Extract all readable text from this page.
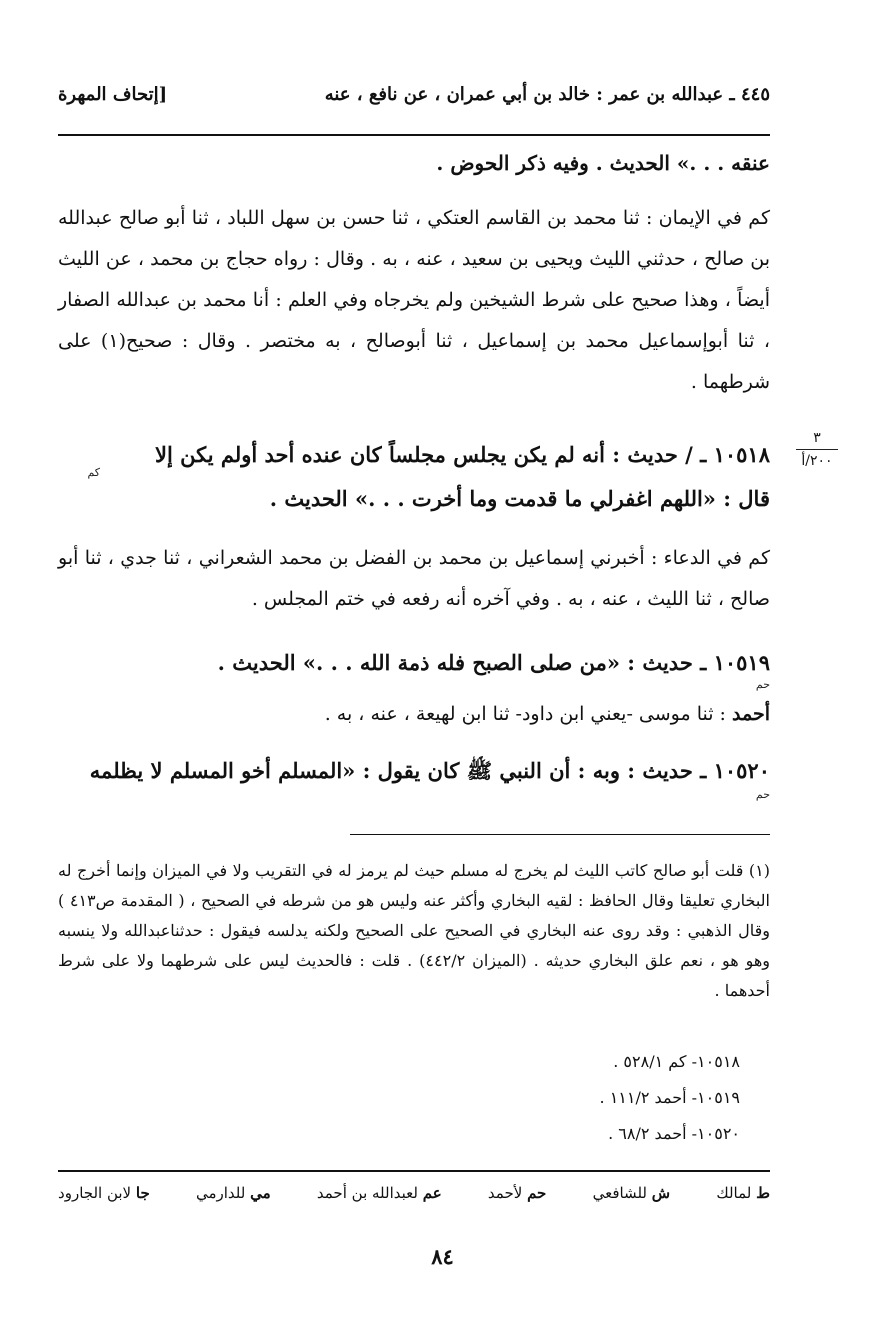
٤٤٥ ـ عبدالله بن عمر : خالد بن أبي عمران ، عن نافع ، عنه
[إتحاف المهرة
عنقه . . .» الحديث . وفيه ذكر الحوض .
كم في الإيمان : ثنا محمد بن القاسم العتكي ، ثنا حسن بن سهل اللباد ، ثنا أبو صالح عبدالله بن صالح ، حدثني الليث ويحيى بن سعيد ، عنه ، به . وقال : رواه حجاج بن محمد ، عن الليث أيضاً ، وهذا صحيح على شرط الشيخين ولم يخرجاه وفي العلم : أنا محمد بن عبدالله الصفار ، ثنا أبوإسماعيل محمد بن إسماعيل ، ثنا أبوصالح ، به مختصر . وقال : صحيح(١) على شرطهما .
١٠٥١٨ ـ / حديث : أنه لم يكن يجلس مجلساً كان عنده أحد أولم يكن إلا
كم
قال : «اللهم اغفرلي ما قدمت وما أخرت . . .» الحديث .
كم في الدعاء : أخبرني إسماعيل بن محمد بن الفضل بن محمد الشعراني ، ثنا جدي ، ثنا أبو صالح ، ثنا الليث ، عنه ، به . وفي آخره أنه رفعه في ختم المجلس .
١٠٥١٩ ـ حديث : «من صلى الصبح فله ذمة الله . . .» الحديث .
حم
أحمد : ثنا موسى -يعني ابن داود- ثنا ابن لهيعة ، عنه ، به .
١٠٥٢٠ ـ حديث : وبه : أن النبي ﷺ كان يقول : «المسلم أخو المسلم لا يظلمه
حم
٣
٢٠٠/أ
(١) قلت أبو صالح كاتب الليث لم يخرج له مسلم حيث لم يرمز له في التقريب ولا في الميزان وإنما أخرج له البخاري تعليقا وقال الحافظ : لقيه البخاري وأكثر عنه وليس هو من شرطه في الصحيح ، ( المقدمة ص٤١٣ ) وقال الذهبي : وقد روى عنه البخاري في الصحيح على الصحيح ولكنه يدلسه فيقول : حدثناعبدالله ولا ينسبه وهو هو ، نعم علق البخاري حديثه . (الميزان ٤٤٢/٢) . قلت : فالحديث ليس على شرطهما ولا على شرط أحدهما .
١٠٥١٨- كم ٥٢٨/١ .
١٠٥١٩- أحمد ١١١/٢ .
١٠٥٢٠- أحمد ٦٨/٢ .
ط لمالك
ش للشافعي
حم لأحمد
عم لعبدالله بن أحمد
مي للدارمي
جا لابن الجارود
٨٤
